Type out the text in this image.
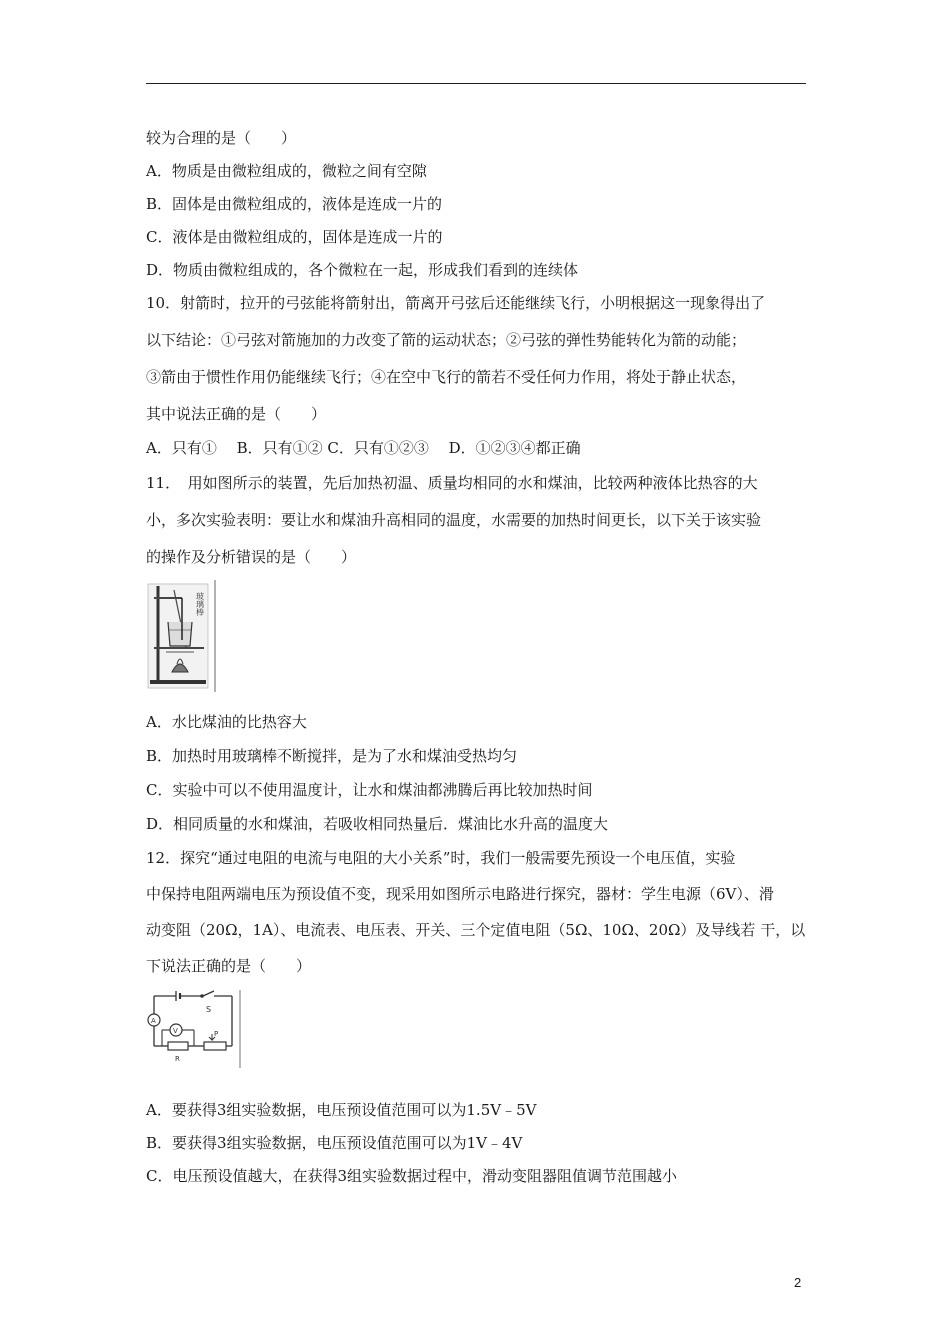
较为合理的是（　　）
A．物质是由微粒组成的，微粒之间有空隙
B．固体是由微粒组成的，液体是连成一片的
C．液体是由微粒组成的，固体是连成一片的
D．物质由微粒组成的，各个微粒在一起，形成我们看到的连续体
10．射箭时，拉开的弓弦能将箭射出，箭离开弓弦后还能继续飞行，小明根据这一现象得出了
以下结论：①弓弦对箭施加的力改变了箭的运动状态；②弓弦的弹性势能转化为箭的动能；
③箭由于惯性作用仍能继续飞行；④在空中飞行的箭若不受任何力作用，将处于静止状态，
其中说法正确的是（　　）
A．只有①　 B．只有①② C．只有①②③　 D．①②③④都正确
11．　用如图所示的装置，先后加热初温、质量均相同的水和煤油，比较两种液体比热容的大
小，多次实验表明：要让水和煤油升高相同的温度，水需要的加热时间更长，以下关于该实验
的操作及分析错误的是（　　）
玻璃棒
A．水比煤油的比热容大
B．加热时用玻璃棒不断搅拌，是为了水和煤油受热均匀
C．实验中可以不使用温度计，让水和煤油都沸腾后再比较加热时间
D．相同质量的水和煤油，若吸收相同热量后．煤油比水升高的温度大
12．探究“通过电阻的电流与电阻的大小关系”时，我们一般需要先预设一个电压值，实验
中保持电阻两端电压为预设值不变，现采用如图所示电路进行探究，器材：学生电源（6V）、滑
动变阻（20Ω，1A）、电流表、电压表、开关、三个定值电阻（5Ω、10Ω、20Ω）及导线若 干，以
下说法正确的是（　　）
S
A
R
P
V
A．要获得3组实验数据，电压预设值范围可以为1.5V﹣5V
B．要获得3组实验数据，电压预设值范围可以为1V﹣4V
C．电压预设值越大，在获得3组实验数据过程中，滑动变阻器阻值调节范围越小
2
